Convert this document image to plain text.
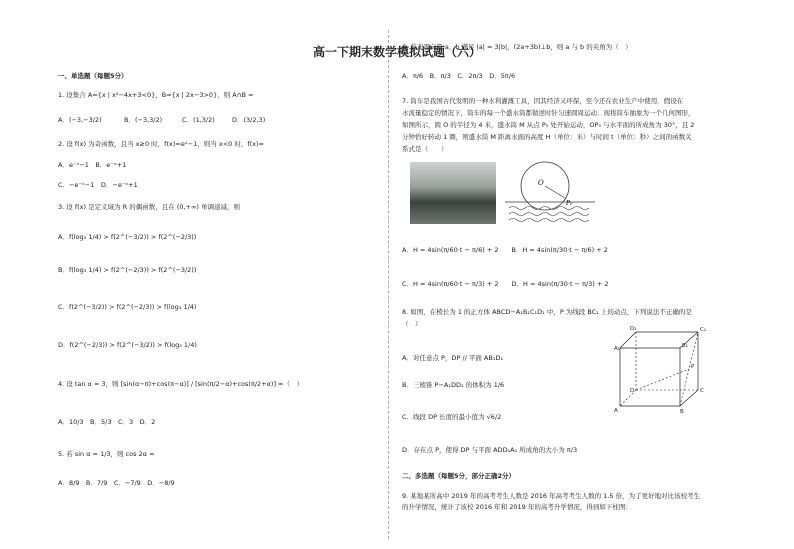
高一下期末数学模拟试题（六）
一、单选题（每题5分）
1. 设集合 A={x | x²−4x+3<0}，B={x | 2x−3>0}，则 A∩B =
A．(−3,−3/2)	B．(−3,3/2)	C．(1,3/2)	D．(3/2,3)
2. 设 f(x) 为奇函数，且当 x≥0 时，f(x)=eˣ−1，则当 x<0 时，f(x)=
A．e⁻ˣ−1　B．e⁻ˣ+1
C．−e⁻ˣ−1　D．−e⁻ˣ+1
3. 设 f(x) 是定义域为 R 的偶函数，且在 (0,+∞) 单调递减，则
A．f(log₃ 1/4) > f(2^(−3/2)) > f(2^(−2/3))
B．f(log₃ 1/4) > f(2^(−2/3)) > f(2^(−3/2))
C．f(2^(−3/2)) > f(2^(−2/3)) > f(log₃ 1/4)
D．f(2^(−2/3)) > f(2^(−3/2)) > f(log₃ 1/4)
4. 设 tan α = 3，则 [sin(α−π)+cos(π−α)] / [sin(π/2−α)+cos(π/2+α)] =（　）
A．10/3　B．5/3　C．3　D．2
5. 若 sin α = 1/3，则 cos 2α =
A．8/9　B．7/9　C．−7/9　D．−8/9
6. 若非零向量 a，b 满足 |a| = 3|b|，(2a+3b)⊥b，则 a 与 b 的夹角为（　）
A．π/6　B．π/3　C．2π/3　D．5π/6
7. 筒车是我国古代发明的一种水利灌溉工具，因其经济又环保，至今还在农业生产中使用．假设在
水流量稳定的情况下，筒车的每一个盛水筒都做逆时针匀速圆周运动．现将筒车抽象为一个几何图形，
如图所示，圆 O 的半径为 4 米，盛水筒 M 从点 P₀ 处开始运动，OP₀ 与水平面的所成角为 30°，且 2
分钟恰好转动 1 圈，则盛水筒 M 距离水面的高度 H（单位：米）与时间 t（单位：秒）之间的函数关
系式是（　　）
O
P₀
A．H = 4sin(π/60·t − π/6) + 2　　B．H = 4sin(π/30·t − π/6) + 2
C．H = 4sin(π/60·t − π/3) + 2　　D．H = 4sin(π/30·t − π/3) + 2
8. 如图，在棱长为 1 的正方体 ABCD−A₁B₁C₁D₁ 中，P 为线段 BC₁ 上的动点，下列说法不正确的是
（　）
A．对任意点 P，DP // 平面 AB₁D₁
B．三棱锥 P−A₁DD₁ 的体积为 1/6
C．线段 DP 长度的最小值为 √6/2
D．存在点 P，使得 DP 与平面 ADD₁A₁ 所成角的大小为 π/3
D₁	C₁
A₁	B₁
D	C
A	B
P
二、多选题（每题5分，部分正确2分）
9. 某地某所高中 2019 年的高考考生人数是 2016 年高考考生人数的 1.5 倍，为了更好地对比该校考生
的升学情况，统计了该校 2016 年和 2019 年的高考升学情况，得到如下柱图：
